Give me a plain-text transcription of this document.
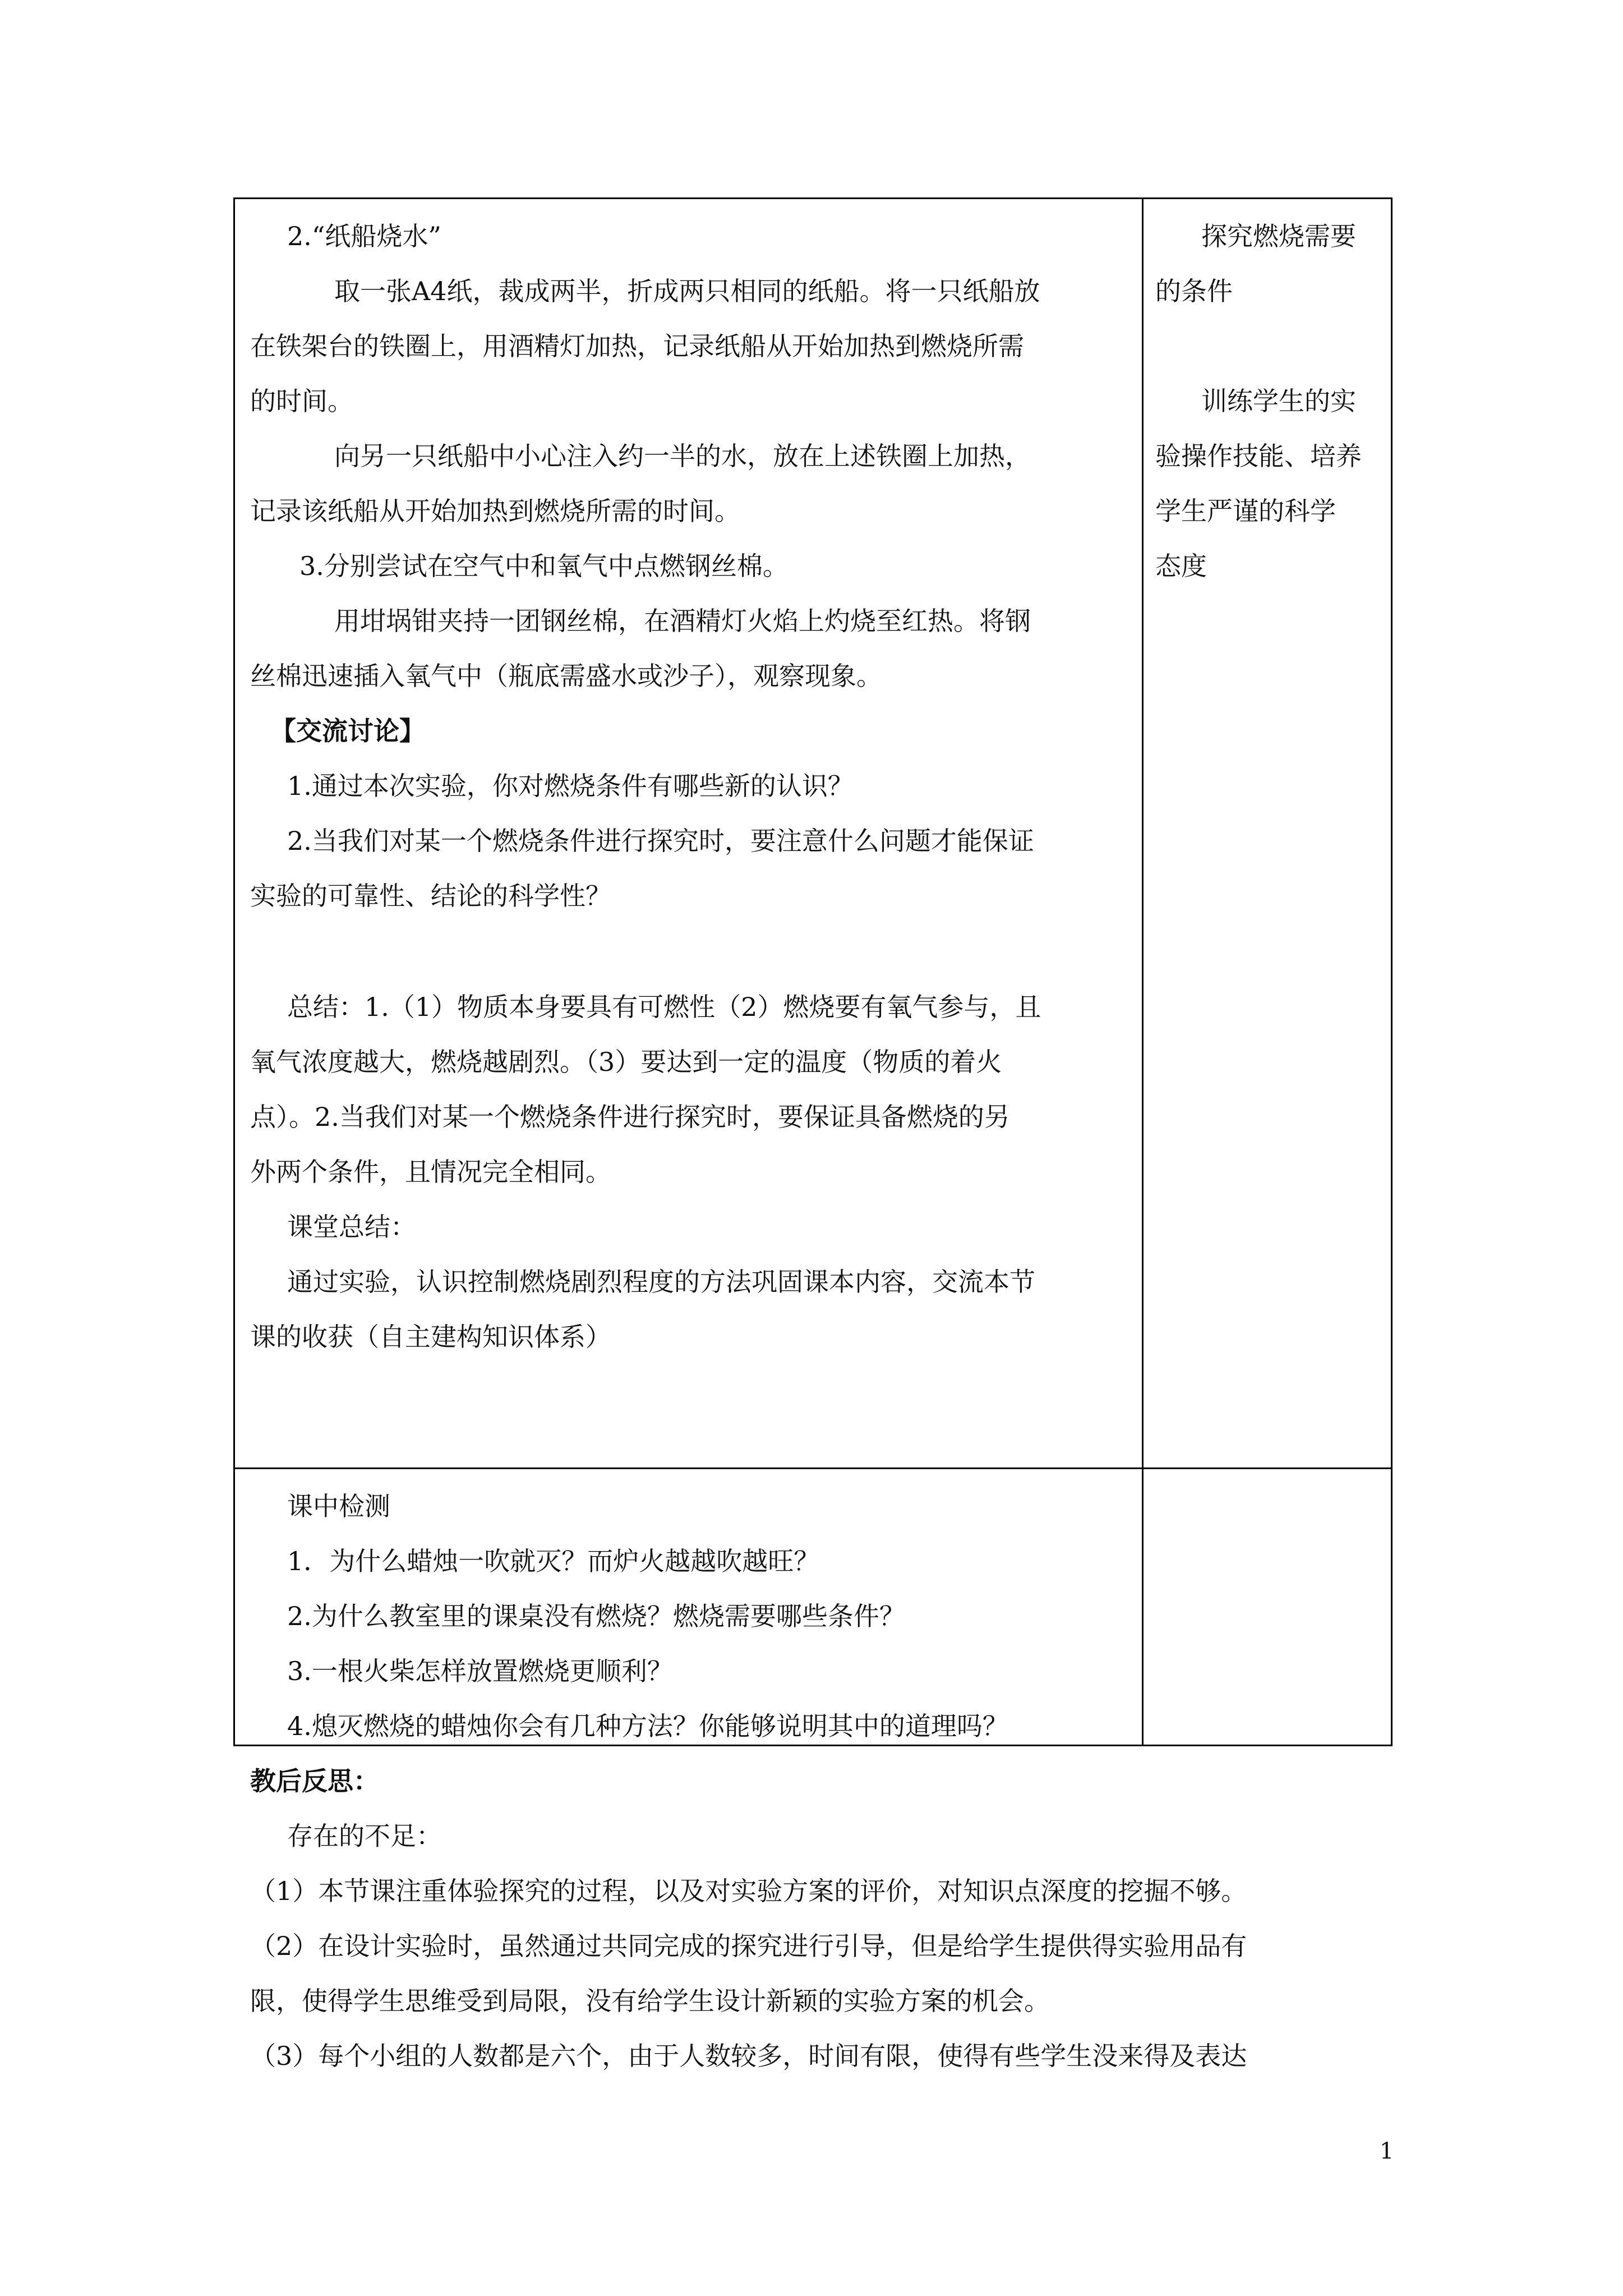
2.“纸船烧水”
取一张A4纸，裁成两半，折成两只相同的纸船。将一只纸船放
在铁架台的铁圈上，用酒精灯加热，记录纸船从开始加热到燃烧所需
的时间。
向另一只纸船中小心注入约一半的水，放在上述铁圈上加热，
记录该纸船从开始加热到燃烧所需的时间。
3.分别尝试在空气中和氧气中点燃钢丝棉。
用坩埚钳夹持一团钢丝棉，在酒精灯火焰上灼烧至红热。将钢
丝棉迅速插入氧气中（瓶底需盛水或沙子），观察现象。
【交流讨论】
1.通过本次实验，你对燃烧条件有哪些新的认识？
2.当我们对某一个燃烧条件进行探究时，要注意什么问题才能保证
实验的可靠性、结论的科学性？
总结：1.（1）物质本身要具有可燃性（2）燃烧要有氧气参与，且
氧气浓度越大，燃烧越剧烈。（3）要达到一定的温度（物质的着火
点）。2.当我们对某一个燃烧条件进行探究时，要保证具备燃烧的另
外两个条件，且情况完全相同。
课堂总结：
通过实验，认识控制燃烧剧烈程度的方法巩固课本内容，交流本节
课的收获（自主建构知识体系）
探究燃烧需要
的条件
训练学生的实
验操作技能、培养
学生严谨的科学
态度
课中检测
1．为什么蜡烛一吹就灭？而炉火越越吹越旺？
2.为什么教室里的课桌没有燃烧？燃烧需要哪些条件？
3.一根火柴怎样放置燃烧更顺利？
4.熄灭燃烧的蜡烛你会有几种方法？你能够说明其中的道理吗？
教后反思：
存在的不足：
（1）本节课注重体验探究的过程，以及对实验方案的评价，对知识点深度的挖掘不够。
（2）在设计实验时，虽然通过共同完成的探究进行引导，但是给学生提供得实验用品有
限，使得学生思维受到局限，没有给学生设计新颖的实验方案的机会。
（3）每个小组的人数都是六个，由于人数较多，时间有限，使得有些学生没来得及表达
1
